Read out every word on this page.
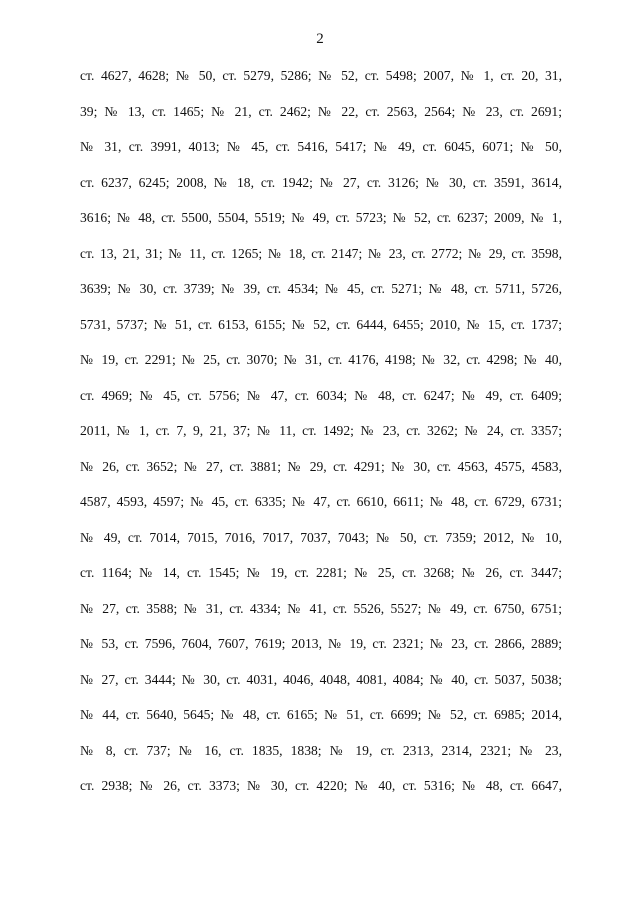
2
ст. 4627, 4628; № 50, ст. 5279, 5286; № 52, ст. 5498; 2007, № 1, ст. 20, 31,
39; № 13, ст. 1465; № 21, ст. 2462; № 22, ст. 2563, 2564; № 23, ст. 2691;
№ 31, ст. 3991, 4013; № 45, ст. 5416, 5417; № 49, ст. 6045, 6071; № 50,
ст. 6237, 6245; 2008, № 18, ст. 1942; № 27, ст. 3126; № 30, ст. 3591, 3614,
3616; № 48, ст. 5500, 5504, 5519; № 49, ст. 5723; № 52, ст. 6237; 2009, № 1,
ст. 13, 21, 31; № 11, ст. 1265; № 18, ст. 2147; № 23, ст. 2772; № 29, ст. 3598,
3639; № 30, ст. 3739; № 39, ст. 4534; № 45, ст. 5271; № 48, ст. 5711, 5726,
5731, 5737; № 51, ст. 6153, 6155; № 52, ст. 6444, 6455; 2010, № 15, ст. 1737;
№ 19, ст. 2291; № 25, ст. 3070; № 31, ст. 4176, 4198; № 32, ст. 4298; № 40,
ст. 4969; № 45, ст. 5756; № 47, ст. 6034; № 48, ст. 6247; № 49, ст. 6409;
2011, № 1, ст. 7, 9, 21, 37; № 11, ст. 1492; № 23, ст. 3262; № 24, ст. 3357;
№ 26, ст. 3652; № 27, ст. 3881; № 29, ст. 4291; № 30, ст. 4563, 4575, 4583,
4587, 4593, 4597; № 45, ст. 6335; № 47, ст. 6610, 6611; № 48, ст. 6729, 6731;
№ 49, ст. 7014, 7015, 7016, 7017, 7037, 7043; № 50, ст. 7359; 2012, № 10,
ст. 1164; № 14, ст. 1545; № 19, ст. 2281; № 25, ст. 3268; № 26, ст. 3447;
№ 27, ст. 3588; № 31, ст. 4334; № 41, ст. 5526, 5527; № 49, ст. 6750, 6751;
№ 53, ст. 7596, 7604, 7607, 7619; 2013, № 19, ст. 2321; № 23, ст. 2866, 2889;
№ 27, ст. 3444; № 30, ст. 4031, 4046, 4048, 4081, 4084; № 40, ст. 5037, 5038;
№ 44, ст. 5640, 5645; № 48, ст. 6165; № 51, ст. 6699; № 52, ст. 6985; 2014,
№ 8, ст. 737; № 16, ст. 1835, 1838; № 19, ст. 2313, 2314, 2321; № 23,
ст. 2938; № 26, ст. 3373; № 30, ст. 4220; № 40, ст. 5316; № 48, ст. 6647,
